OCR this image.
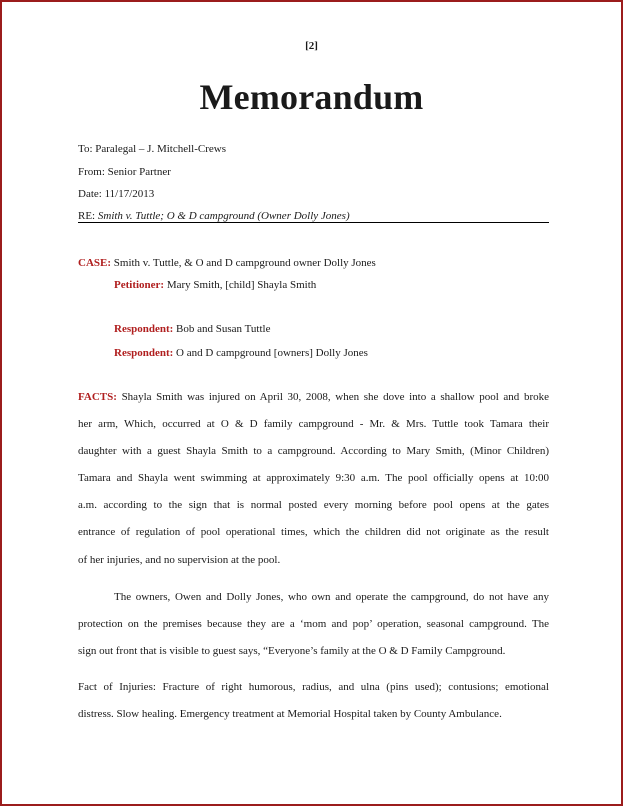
[2]
Memorandum
To: Paralegal – J. Mitchell-Crews
From: Senior Partner
Date: 11/17/2013
RE: Smith v. Tuttle; O & D campground (Owner Dolly Jones)
CASE: Smith v. Tuttle, & O and D campground owner Dolly Jones
Petitioner: Mary Smith, [child] Shayla Smith
Respondent: Bob and Susan Tuttle
Respondent: O and D campground [owners] Dolly Jones
FACTS: Shayla Smith was injured on April 30, 2008, when she dove into a shallow pool and broke
her arm, Which, occurred at O & D family campground - Mr. & Mrs. Tuttle took Tamara their
daughter with a guest Shayla Smith to a campground. According to Mary Smith, (Minor Children)
Tamara and Shayla went swimming at approximately 9:30 a.m. The pool officially opens at 10:00
a.m. according to the sign that is normal posted every morning before pool opens at the gates
entrance of regulation of pool operational times, which the children did not originate as the result
of her injuries, and no supervision at the pool.
The owners, Owen and Dolly Jones, who own and operate the campground, do not have any
protection on the premises because they are a ‘mom and pop’ operation, seasonal campground. The
sign out front that is visible to guest says, “Everyone’s family at the O & D Family Campground.
Fact of Injuries: Fracture of right humorous, radius, and ulna (pins used); contusions; emotional
distress. Slow healing. Emergency treatment at Memorial Hospital taken by County Ambulance.
